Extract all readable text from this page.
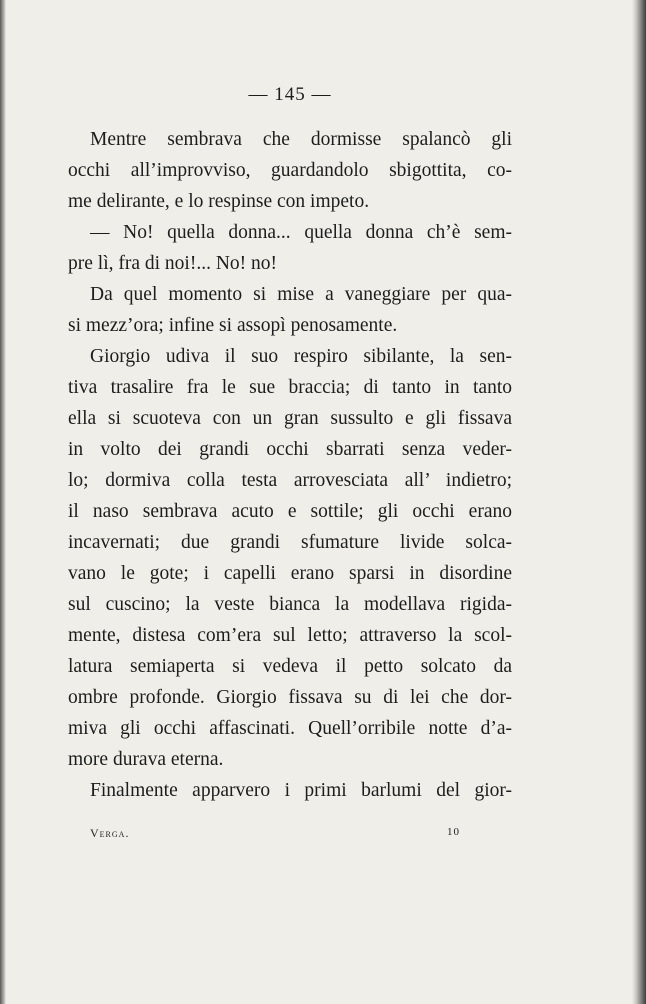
— 145 —
Mentre sembrava che dormisse spalancò gli
occhi all’improvviso, guardandolo sbigottita, co-
me delirante, e lo respinse con impeto.
— No! quella donna... quella donna ch’è sem-
pre lì, fra di noi!... No! no!
Da quel momento si mise a vaneggiare per qua-
si mezz’ora; infine si assopì penosamente.
Giorgio udiva il suo respiro sibilante, la sen-
tiva trasalire fra le sue braccia; di tanto in tanto
ella si scuoteva con un gran sussulto e gli fissava
in volto dei grandi occhi sbarrati senza veder-
lo; dormiva colla testa arrovesciata all’ indietro;
il naso sembrava acuto e sottile; gli occhi erano
incavernati; due grandi sfumature livide solca-
vano le gote; i capelli erano sparsi in disordine
sul cuscino; la veste bianca la modellava rigida-
mente, distesa com’era sul letto; attraverso la scol-
latura semiaperta si vedeva il petto solcato da
ombre profonde. Giorgio fissava su di lei che dor-
miva gli occhi affascinati. Quell’orribile notte d’a-
more durava eterna.
Finalmente apparvero i primi barlumi del gior-
Verga.	10
